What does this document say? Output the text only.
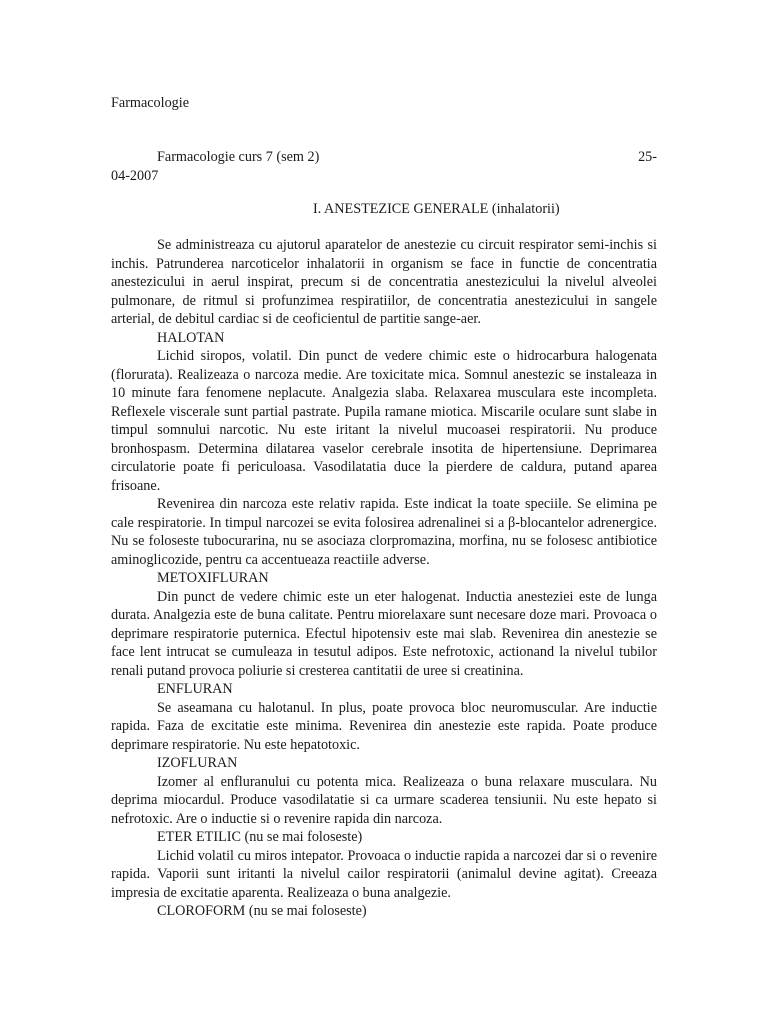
Farmacologie
Farmacologie curs 7 (sem 2)	25-
04-2007
I. ANESTEZICE GENERALE (inhalatorii)

Se administreaza cu ajutorul aparatelor de anestezie cu circuit respirator semi-inchis si inchis. Patrunderea narcoticelor inhalatorii in organism se face in functie de concentratia anestezicului in aerul inspirat, precum si de concentratia anestezicului la nivelul alveolei pulmonare, de ritmul si profunzimea respiratiilor, de concentratia anestezicului in sangele arterial, de debitul cardiac si de ceoficientul de partitie sange-aer.

HALOTAN

Lichid siropos, volatil. Din punct de vedere chimic este o hidrocarbura halogenata (florurata). Realizeaza o narcoza medie. Are toxicitate mica. Somnul anestezic se instaleaza in 10 minute fara fenomene neplacute. Analgezia slaba. Relaxarea musculara este incompleta. Reflexele viscerale sunt partial pastrate. Pupila ramane miotica. Miscarile oculare sunt slabe in timpul somnului narcotic. Nu este iritant la nivelul mucoasei respiratorii. Nu produce bronhospasm. Determina dilatarea vaselor cerebrale insotita de hipertensiune. Deprimarea circulatorie poate fi periculoasa. Vasodilatatia duce la pierdere de caldura, putand aparea frisoane.

Revenirea din narcoza este relativ rapida. Este indicat la toate speciile. Se elimina pe cale respiratorie. In timpul narcozei se evita folosirea adrenalinei si a β-blocantelor adrenergice. Nu se foloseste tubocurarina, nu se asociaza clorpromazina, morfina, nu se folosesc antibiotice aminoglicozide, pentru ca accentueaza reactiile adverse.

METOXIFLURAN

Din punct de vedere chimic este un eter halogenat. Inductia anesteziei este de lunga durata. Analgezia este de buna calitate. Pentru miorelaxare sunt necesare doze mari. Provoaca o deprimare respiratorie puternica. Efectul hipotensiv este mai slab. Revenirea din anestezie se face lent intrucat se cumuleaza in tesutul adipos. Este nefrotoxic, actionand la nivelul tubilor renali putand provoca poliurie si cresterea cantitatii de uree si creatinina.

ENFLURAN

Se aseamana cu halotanul. In plus, poate provoca bloc neuromuscular. Are inductie rapida. Faza de excitatie este minima. Revenirea din anestezie este rapida. Poate produce deprimare respiratorie. Nu este hepatotoxic.

IZOFLURAN

Izomer al enfluranului cu potenta mica. Realizeaza o buna relaxare musculara. Nu deprima miocardul. Produce vasodilatatie si ca urmare scaderea tensiunii. Nu este hepato si nefrotoxic. Are o inductie si o revenire rapida din narcoza.

ETER ETILIC (nu se mai foloseste)

Lichid volatil cu miros intepator. Provoaca o inductie rapida a narcozei dar si o revenire rapida. Vaporii sunt iritanti la nivelul cailor respiratorii (animalul devine agitat). Creeaza impresia de excitatie aparenta. Realizeaza o buna analgezie.

CLOROFORM (nu se mai foloseste)
